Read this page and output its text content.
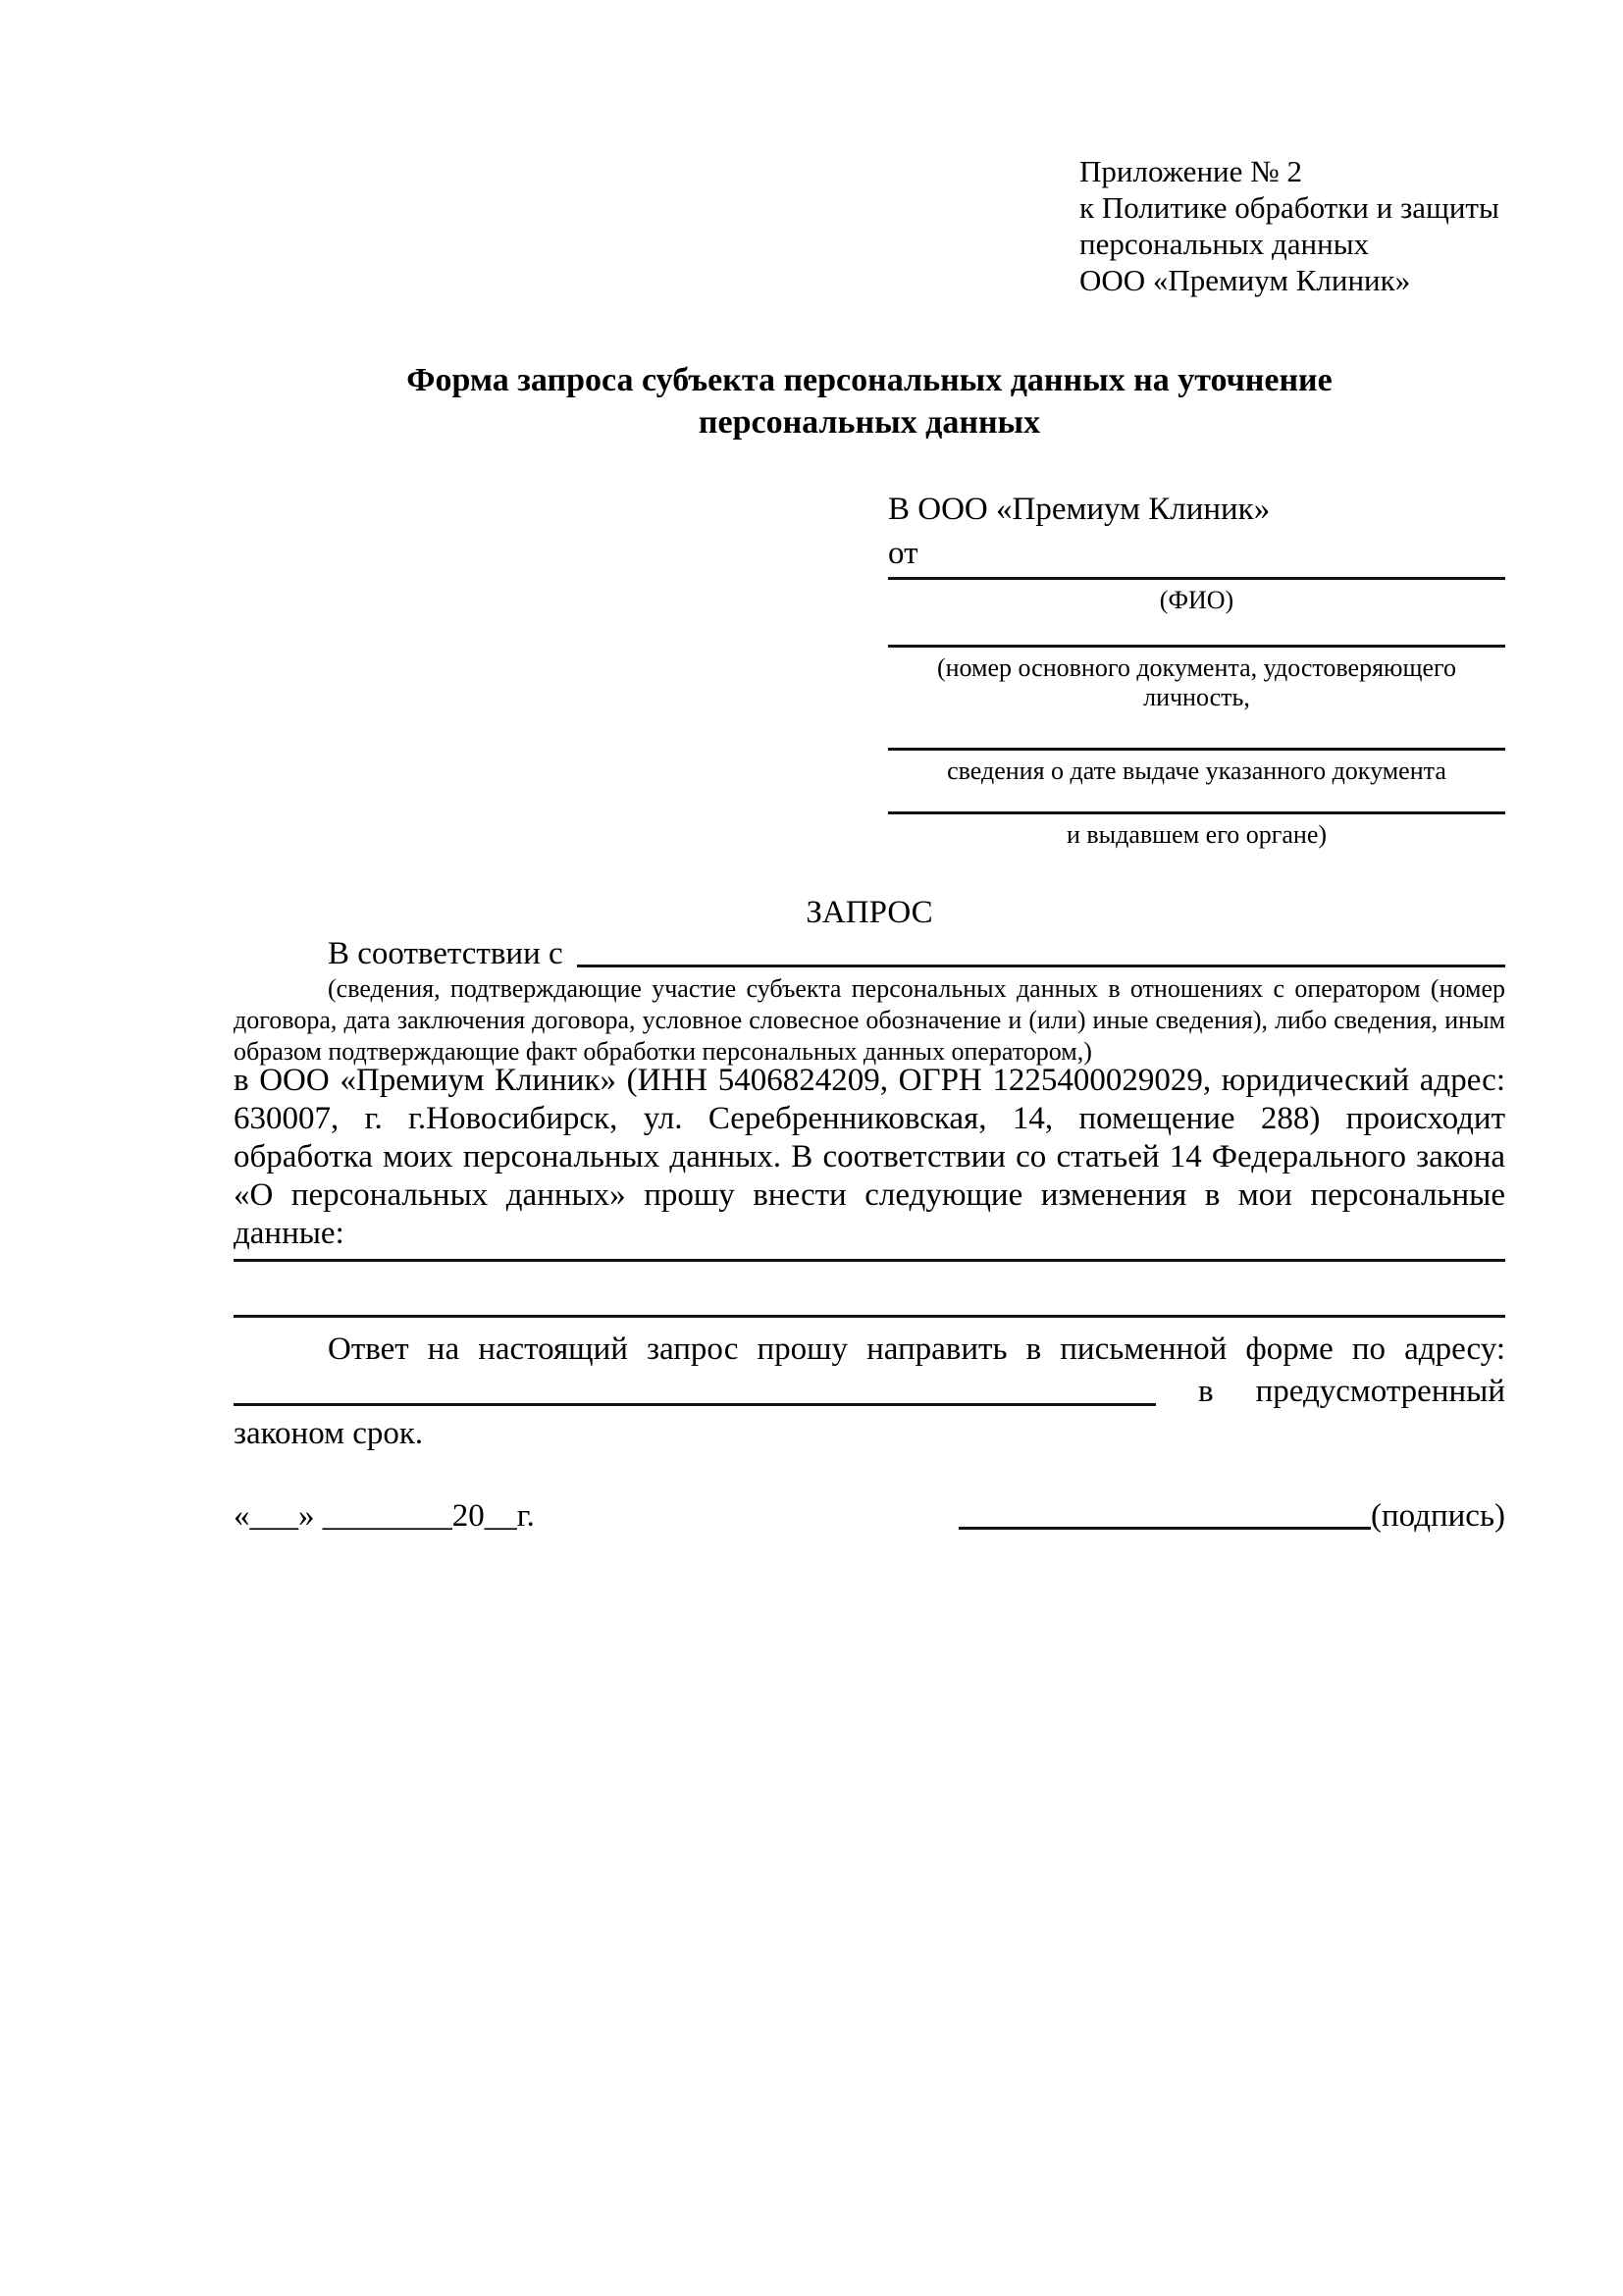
Приложение № 2
к Политике обработки и защиты
персональных данных
ООО «Премиум Клиник»
Форма запроса субъекта персональных данных на уточнение
персональных данных
В ООО «Премиум Клиник»
от
(ФИО)
(номер основного документа, удостоверяющего личность,
сведения о дате выдаче указанного документа
и выдавшем его органе)
ЗАПРОС
В соответствии с
(сведения, подтверждающие участие субъекта персональных данных в отношениях с оператором (номер договора, дата заключения договора, условное словесное обозначение и (или) иные сведения), либо сведения, иным образом подтверждающие факт обработки персональных данных оператором,)

в ООО «Премиум Клиник» (ИНН 5406824209, ОГРН 1225400029029, юридический адрес: 630007, г. г.Новосибирск, ул. Серебренниковская, 14, помещение 288) происходит обработка моих персональных данных. В соответствии со статьей 14 Федерального закона «О персональных данных» прошу внести следующие изменения в мои персональные данные:

Ответ на настоящий запрос прошу направить в письменной форме по адресу:
в предусмотренный
законом срок.
«___» ________20__г.	(подпись)
